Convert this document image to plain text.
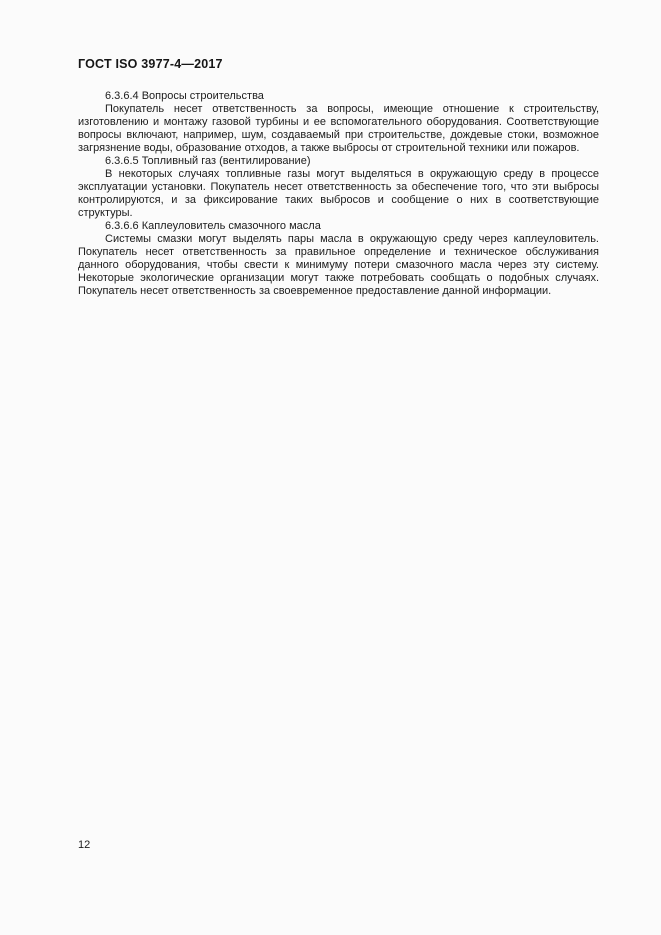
ГОСТ ISO 3977-4—2017

6.3.6.4 Вопросы строительства

Покупатель несет ответственность за вопросы, имеющие отношение к строительству, изготовлению и монтажу газовой турбины и ее вспомогательного оборудования. Соответствующие вопросы включают, например, шум, создаваемый при строительстве, дождевые стоки, возможное загрязнение воды, образование отходов, а также выбросы от строительной техники или пожаров.

6.3.6.5 Топливный газ (вентилирование)

В некоторых случаях топливные газы могут выделяться в окружающую среду в процессе эксплуатации установки. Покупатель несет ответственность за обеспечение того, что эти выбросы контролируются, и за фиксирование таких выбросов и сообщение о них в соответствующие структуры.

6.3.6.6 Каплеуловитель смазочного масла

Системы смазки могут выделять пары масла в окружающую среду через каплеуловитель. Покупатель несет ответственность за правильное определение и техническое обслуживания данного оборудования, чтобы свести к минимуму потери смазочного масла через эту систему. Некоторые экологические организации могут также потребовать сообщать о подобных случаях. Покупатель несет ответственность за своевременное предоставление данной информации.

12
